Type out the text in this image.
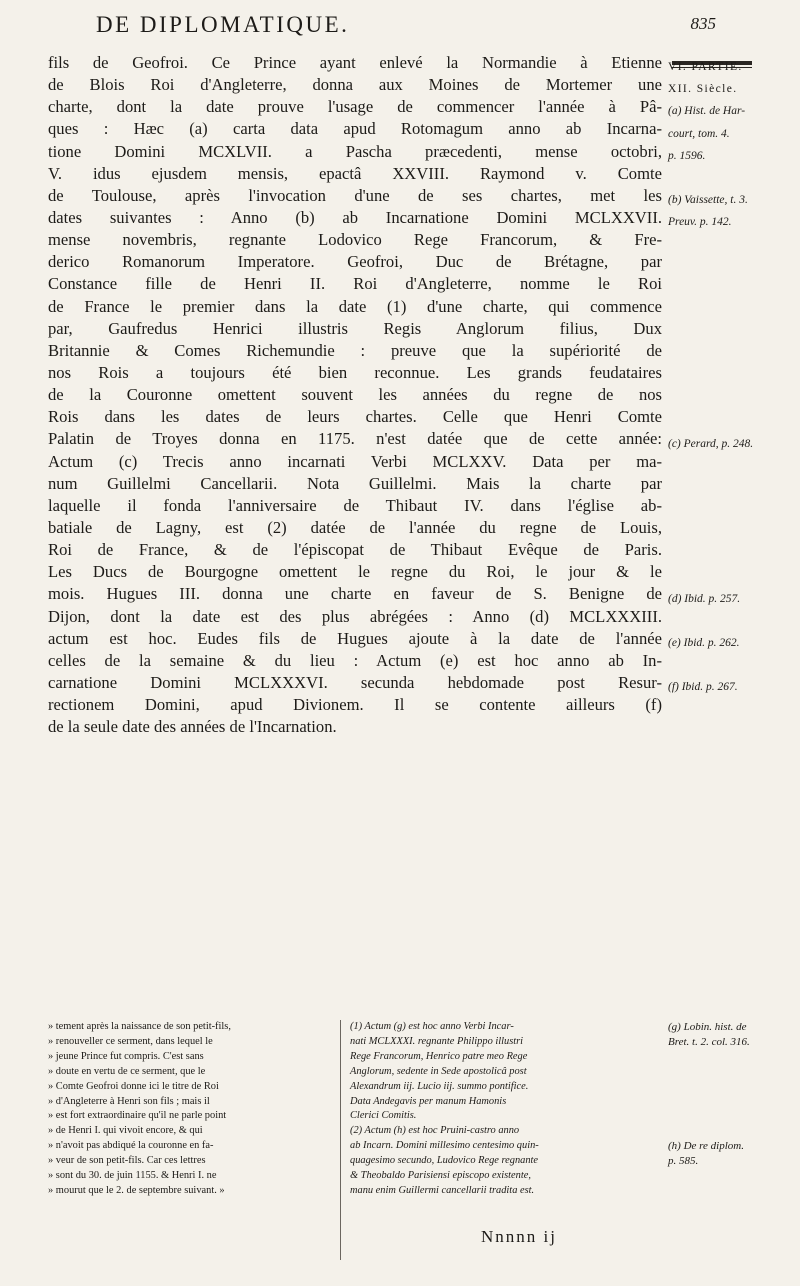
DE DIPLOMATIQUE.	835
fils de Geofroi. Ce Prince ayant enlevé la Normandie à Etienne
de Blois Roi d'Angleterre, donna aux Moines de Mortemer une
charte, dont la date prouve l'usage de commencer l'année à Pâ-
ques : Hæc (a) carta data apud Rotomagum anno ab Incarna-
tione Domini MCXLVII. a Pascha præcedenti, mense octobri,
V. idus ejusdem mensis, epactâ XXVIII. Raymond v. Comte
de Toulouse, après l'invocation d'une de ses chartes, met les
dates suivantes : Anno (b) ab Incarnatione Domini MCLXXVII.
mense novembris, regnante Lodovico Rege Francorum, & Fre-
derico Romanorum Imperatore. Geofroi, Duc de Brétagne, par
Constance fille de Henri II. Roi d'Angleterre, nomme le Roi
de France le premier dans la date (1) d'une charte, qui commence
par, Gaufredus Henrici illustris Regis Anglorum filius, Dux
Britannie & Comes Richemundie : preuve que la supériorité de
nos Rois a toujours été bien reconnue. Les grands feudataires
de la Couronne omettent souvent les années du regne de nos
Rois dans les dates de leurs chartes. Celle que Henri Comte
Palatin de Troyes donna en 1175. n'est datée que de cette année:
Actum (c) Trecis anno incarnati Verbi MCLXXV. Data per ma-
num Guillelmi Cancellarii. Nota Guillelmi. Mais la charte par
laquelle il fonda l'anniversaire de Thibaut IV. dans l'église ab-
batiale de Lagny, est (2) datée de l'année du regne de Louis,
Roi de France, & de l'épiscopat de Thibaut Evêque de Paris.
Les Ducs de Bourgogne omettent le regne du Roi, le jour & le
mois. Hugues III. donna une charte en faveur de S. Benigne de
Dijon, dont la date est des plus abrégées : Anno (d) MCLXXXIII.
actum est hoc. Eudes fils de Hugues ajoute à la date de l'année
celles de la semaine & du lieu : Actum (e) est hoc anno ab In-
carnatione Domini MCLXXXVI. secunda hebdomade post Resur-
rectionem Domini, apud Divionem. Il se contente ailleurs (f)
de la seule date des années de l'Incarnation.
VI. PARTIE.
XII. Siècle.
(a) Hist. de Har-
court, tom. 4.
p. 1596.
(b) Vaissette, t. 3.
Preuv. p. 142.
(c) Perard, p. 248.
(d) Ibid. p. 257.
(e) Ibid. p. 262.
(f) Ibid. p. 267.
» tement après la naissance de son petit-fils,
» renouveller ce serment, dans lequel le
» jeune Prince fut compris. C'est sans
» doute en vertu de ce serment, que le
» Comte Geofroi donne ici le titre de Roi
» d'Angleterre à Henri son fils ; mais il
» est fort extraordinaire qu'il ne parle point
» de Henri I. qui vivoit encore, & qui
» n'avoit pas abdiqué la couronne en fa-
» veur de son petit-fils. Car ces lettres
» sont du 30. de juin 1155. & Henri I. ne
» mourut que le 2. de septembre suivant. »
(1) Actum (g) est hoc anno Verbi Incar-
nati MCLXXXI. regnante Philippo illustri
Rege Francorum, Henrico patre meo Rege
Anglorum, sedente in Sede apostolicâ post
Alexandrum iij. Lucio iij. summo pontifice.
Data Andegavis per manum Hamonis
Clerici Comitis.
(2) Actum (h) est hoc Pruini-castro anno
ab Incarn. Domini millesimo centesimo quin-
quagesimo secundo, Ludovico Rege regnante
& Theobaldo Parisiensi episcopo existente,
manu enim Guillermi cancellarii tradita est.
(g) Lobin. hist. de
Bret. t. 2. col. 316.
(h) De re diplom.
p. 585.
Nnnnn ij
